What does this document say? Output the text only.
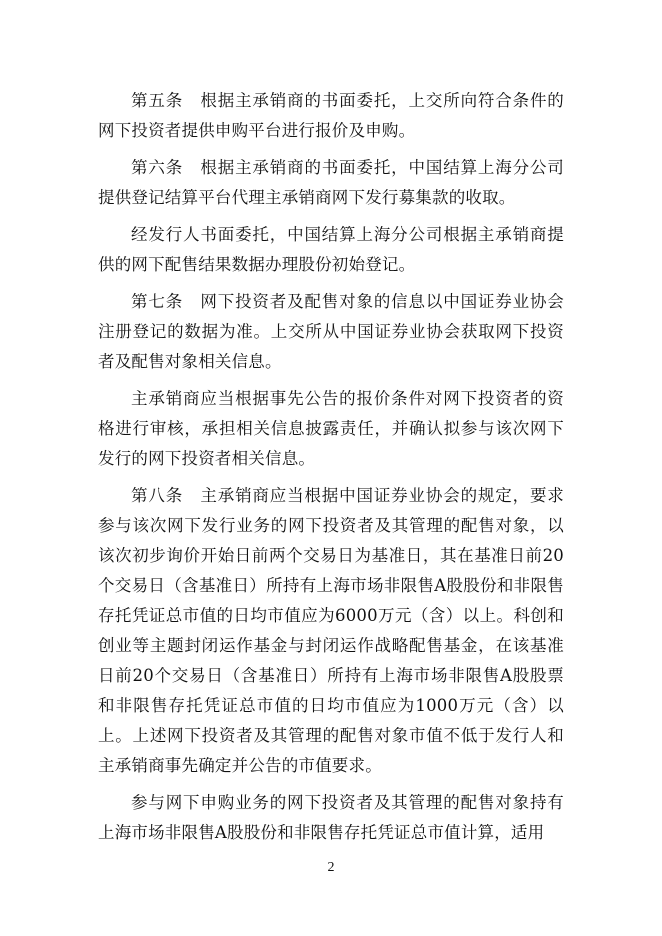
第五条　根据主承销商的书面委托，上交所向符合条件的网下投资者提供申购平台进行报价及申购。

第六条　根据主承销商的书面委托，中国结算上海分公司提供登记结算平台代理主承销商网下发行募集款的收取。

经发行人书面委托，中国结算上海分公司根据主承销商提供的网下配售结果数据办理股份初始登记。

第七条　网下投资者及配售对象的信息以中国证券业协会注册登记的数据为准。上交所从中国证券业协会获取网下投资者及配售对象相关信息。

主承销商应当根据事先公告的报价条件对网下投资者的资格进行审核，承担相关信息披露责任，并确认拟参与该次网下发行的网下投资者相关信息。

第八条　主承销商应当根据中国证券业协会的规定，要求参与该次网下发行业务的网下投资者及其管理的配售对象，以该次初步询价开始日前两个交易日为基准日，其在基准日前20个交易日（含基准日）所持有上海市场非限售A股股份和非限售存托凭证总市值的日均市值应为6000万元（含）以上。科创和创业等主题封闭运作基金与封闭运作战略配售基金，在该基准日前20个交易日（含基准日）所持有上海市场非限售A股股票和非限售存托凭证总市值的日均市值应为1000万元（含）以上。上述网下投资者及其管理的配售对象市值不低于发行人和主承销商事先确定并公告的市值要求。

参与网下申购业务的网下投资者及其管理的配售对象持有上海市场非限售A股股份和非限售存托凭证总市值计算，适用

2
